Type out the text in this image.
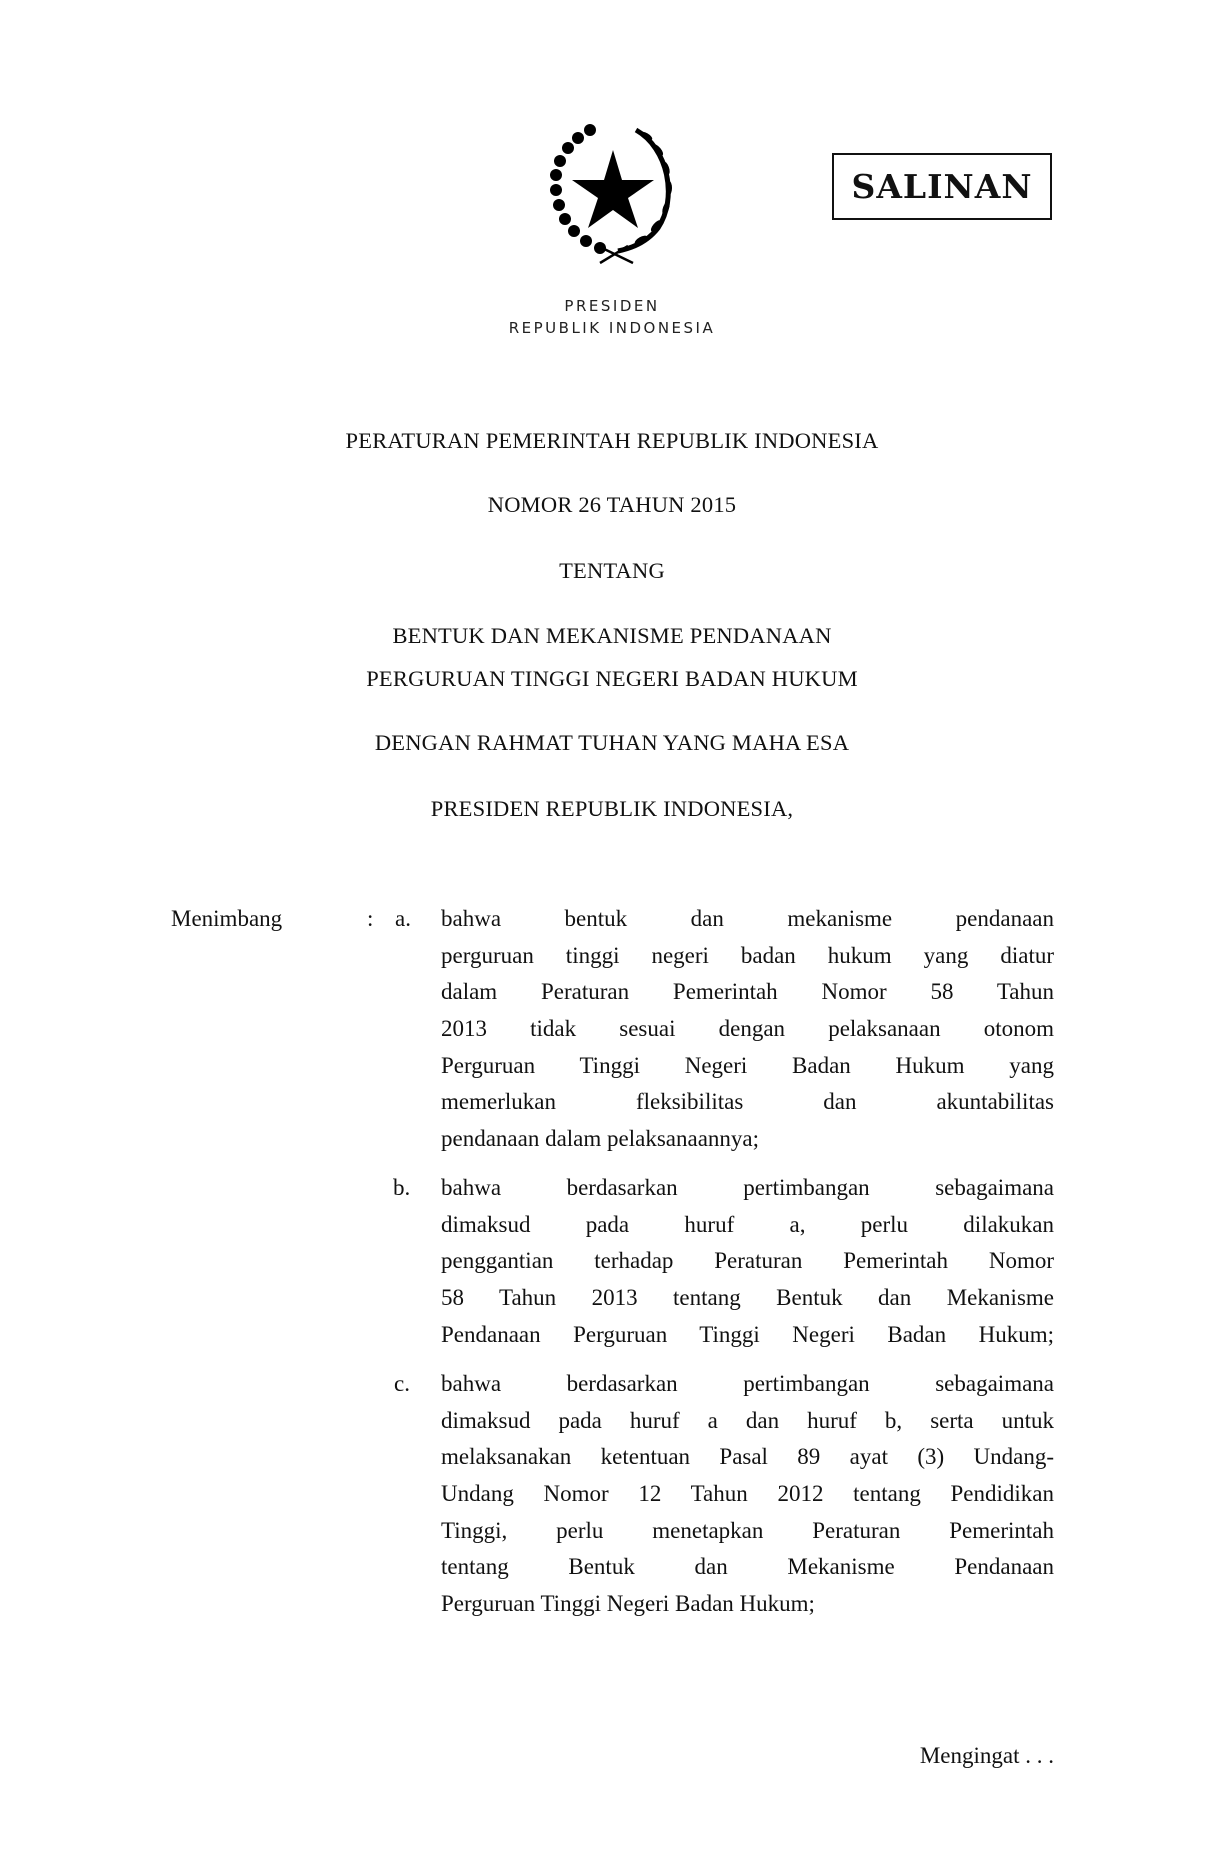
PRESIDEN
REPUBLIK INDONESIA
SALINAN
PERATURAN PEMERINTAH REPUBLIK INDONESIA
NOMOR 26 TAHUN 2015
TENTANG
BENTUK DAN MEKANISME PENDANAAN
PERGURUAN TINGGI NEGERI BADAN HUKUM
DENGAN RAHMAT TUHAN YANG MAHA ESA
PRESIDEN REPUBLIK INDONESIA,
Menimbang	: a. bahwa bentuk dan mekanisme pendanaan
perguruan tinggi negeri badan hukum yang diatur
dalam Peraturan Pemerintah Nomor 58 Tahun
2013 tidak sesuai dengan pelaksanaan otonom
Perguruan Tinggi Negeri Badan Hukum yang
memerlukan fleksibilitas dan akuntabilitas
pendanaan dalam pelaksanaannya;
b. bahwa berdasarkan pertimbangan sebagaimana
dimaksud pada huruf a, perlu dilakukan
penggantian terhadap Peraturan Pemerintah Nomor
58 Tahun 2013 tentang Bentuk dan Mekanisme
Pendanaan Perguruan Tinggi Negeri Badan Hukum;
c. bahwa berdasarkan pertimbangan sebagaimana
dimaksud pada huruf a dan huruf b, serta untuk
melaksanakan ketentuan Pasal 89 ayat (3) Undang-
Undang Nomor 12 Tahun 2012 tentang Pendidikan
Tinggi, perlu menetapkan Peraturan Pemerintah
tentang Bentuk dan Mekanisme Pendanaan
Perguruan Tinggi Negeri Badan Hukum;
Mengingat . . .
